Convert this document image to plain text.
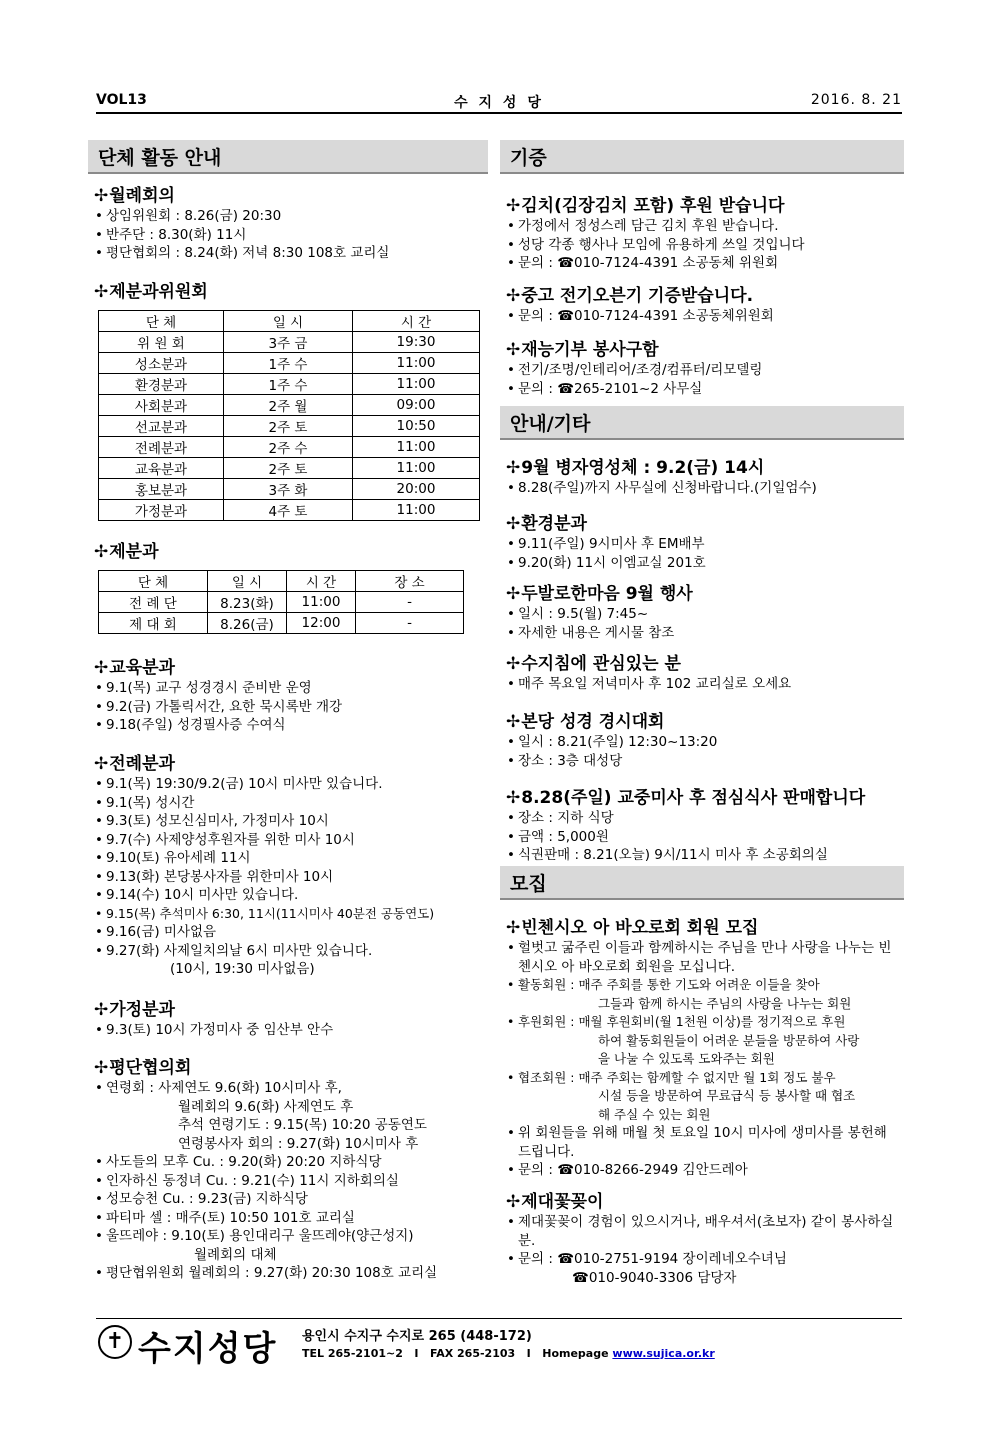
VOL13	수 지 성 당	2016. 8. 21
단체 활동 안내
✢월례회의
• 상임위원회 : 8.26(금) 20:30
• 반주단 : 8.30(화) 11시
• 평단협회의 : 8.24(화) 저녁 8:30 108호 교리실
✢제분과위원회
단 체	일 시	시 간
위 원 회	3주 금	19:30
성소분과	1주 수	11:00
환경분과	1주 수	11:00
사회분과	2주 월	09:00
선교분과	2주 토	10:50
전례분과	2주 수	11:00
교육분과	2주 토	11:00
홍보분과	3주 화	20:00
가정분과	4주 토	11:00
✢제분과
단 체	일 시	시 간	장 소
전 례 단	8.23(화)	11:00	-
제 대 회	8.26(금)	12:00	-
✢교육분과
• 9.1(목) 교구 성경경시 준비반 운영
• 9.2(금) 가톨릭서간, 요한 묵시록반 개강
• 9.18(주일) 성경필사증 수여식
✢전례분과
• 9.1(목) 19:30/9.2(금) 10시 미사만 있습니다.
• 9.1(목) 성시간
• 9.3(토) 성모신심미사, 가정미사 10시
• 9.7(수) 사제양성후원자를 위한 미사 10시
• 9.10(토) 유아세례 11시
• 9.13(화) 본당봉사자를 위한미사 10시
• 9.14(수) 10시 미사만 있습니다.
• 9.15(목) 추석미사 6:30, 11시(11시미사 40분전 공동연도)
• 9.16(금) 미사없음
• 9.27(화) 사제일치의날 6시 미사만 있습니다.
(10시, 19:30 미사없음)
✢가정분과
• 9.3(토) 10시 가정미사 중 임산부 안수
✢평단협의회
• 연령회 : 사제연도 9.6(화) 10시미사 후,
월례회의 9.6(화) 사제연도 후
추석 연령기도 : 9.15(목) 10:20 공동연도
연령봉사자 회의 : 9.27(화) 10시미사 후
• 사도들의 모후 Cu. : 9.20(화) 20:20 지하식당
• 인자하신 동정녀 Cu. : 9.21(수) 11시 지하회의실
• 성모승천 Cu. : 9.23(금) 지하식당
• 파티마 셀 : 매주(토) 10:50 101호 교리실
• 울뜨레야 : 9.10(토) 용인대리구 울뜨레야(양근성지)
월례회의 대체
• 평단협위원회 월례회의 : 9.27(화) 20:30 108호 교리실
기증
✢김치(김장김치 포함) 후원 받습니다
• 가정에서 정성스레 담근 김치 후원 받습니다.
• 성당 각종 행사나 모임에 유용하게 쓰일 것입니다
• 문의 : ☎010-7124-4391 소공동체 위원회
✢중고 전기오븐기 기증받습니다.
• 문의 : ☎010-7124-4391 소공동체위원회
✢재능기부 봉사구함
• 전기/조명/인테리어/조경/컴퓨터/리모델링
• 문의 : ☎265-2101~2 사무실
안내/기타
✢9월 병자영성체 : 9.2(금) 14시
• 8.28(주일)까지 사무실에 신청바랍니다.(기일엄수)
✢환경분과
• 9.11(주일) 9시미사 후 EM배부
• 9.20(화) 11시 이엠교실 201호
✢두발로한마음 9월 행사
• 일시 : 9.5(월) 7:45~
• 자세한 내용은 게시물 참조
✢수지침에 관심있는 분
• 매주 목요일 저녁미사 후 102 교리실로 오세요
✢본당 성경 경시대회
• 일시 : 8.21(주일) 12:30~13:20
• 장소 : 3층 대성당
✢8.28(주일) 교중미사 후 점심식사 판매합니다
• 장소 : 지하 식당
• 금액 : 5,000원
• 식권판매 : 8.21(오늘) 9시/11시 미사 후 소공회의실
모집
✢빈첸시오 아 바오로회 회원 모집
• 헐벗고 굶주린 이들과 함께하시는 주님을 만나 사랑을 나누는 빈첸시오 아 바오로회 회원을 모십니다.
• 활동회원 : 매주 주회를 통한 기도와 어려운 이들을 찾아
그들과 함께 하시는 주님의 사랑을 나누는 회원
• 후원회원 : 매월 후원회비(월 1천원 이상)를 정기적으로 후원
하여 활동회원들이 어려운 분들을 방문하여 사랑
을 나눌 수 있도록 도와주는 회원
• 협조회원 : 매주 주회는 함께할 수 없지만 월 1회 정도 불우
시설 등을 방문하여 무료급식 등 봉사할 때 협조
해 주실 수 있는 회원
• 위 회원들을 위해 매월 첫 토요일 10시 미사에 생미사를 봉헌해 드립니다.
• 문의 : ☎010-8266-2949 김안드레아
✢제대꽃꽂이
• 제대꽃꽂이 경험이 있으시거나, 배우셔서(초보자) 같이 봉사하실 분.
• 문의 : ☎010-2751-9194 장이레네오수녀님
☎010-9040-3306 담당자
✝ 수지성당 용인시 수지구 수지로 265 (448-172)
TEL 265-2101~2   I   FAX 265-2103   I   Homepage www.sujica.or.kr
